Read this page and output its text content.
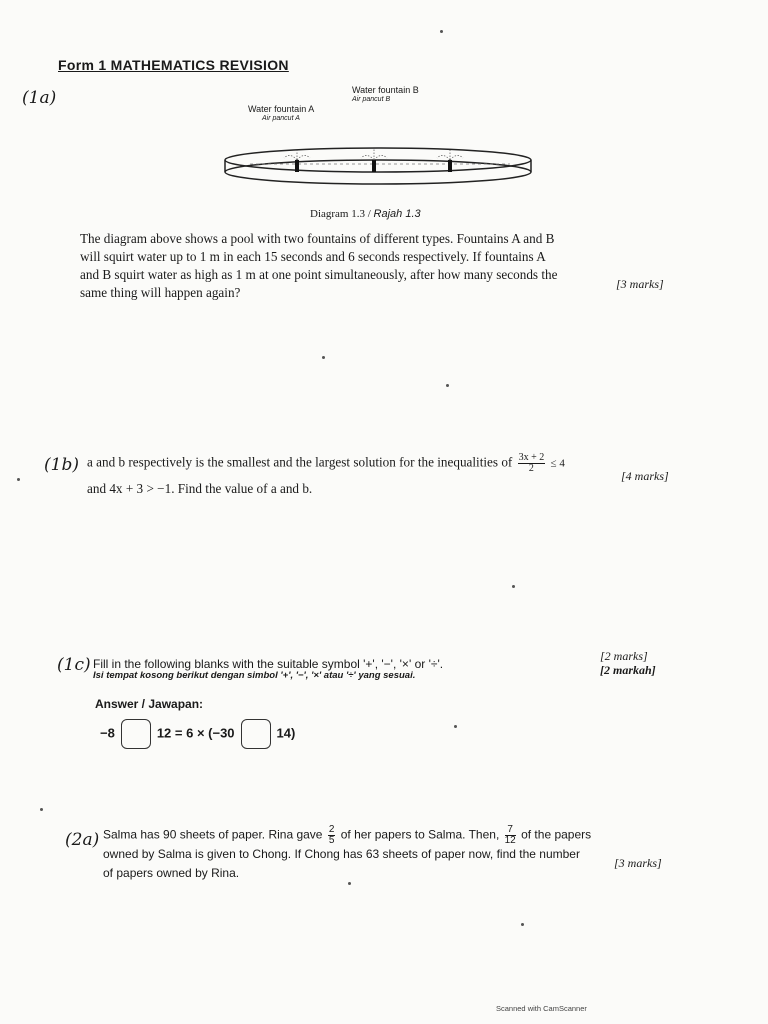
Form 1 MATHEMATICS REVISION
(1a)	Water fountain B
Air pancut B
Water fountain A
Air pancut A
Diagram 1.3 / Rajah 1.3
The diagram above shows a pool with two fountains of different types. Fountains A and B
will squirt water up to 1 m in each 15 seconds and 6 seconds respectively. If fountains A
and B squirt water as high as 1 m at one point simultaneously, after how many seconds the
same thing will happen again?
[3 marks]
(1b) a and b respectively is the smallest and the largest solution for the inequalities of $\frac{3x + 2}{2} \le 4$
[4 marks]
and 4x + 3 > −1. Find the value of a and b.
(1c) Fill in the following blanks with the suitable symbol '+', '−', '×' or '÷'.
Isi tempat kosong berikut dengan simbol '+', '−', '×' atau '÷' yang sesuai.
[2 marks]
[2 markah]
Answer / Jawapan:
−8	12 = 6 × (−30	14)
(2a) Salma has 90 sheets of paper. Rina gave $\frac{2}{5}$ of her papers to Salma. Then, $\frac{7}{12}$ of the papers
owned by Salma is given to Chong. If Chong has 63 sheets of paper now, find the number
of papers owned by Rina.
[3 marks]
Scanned with CamScanner
